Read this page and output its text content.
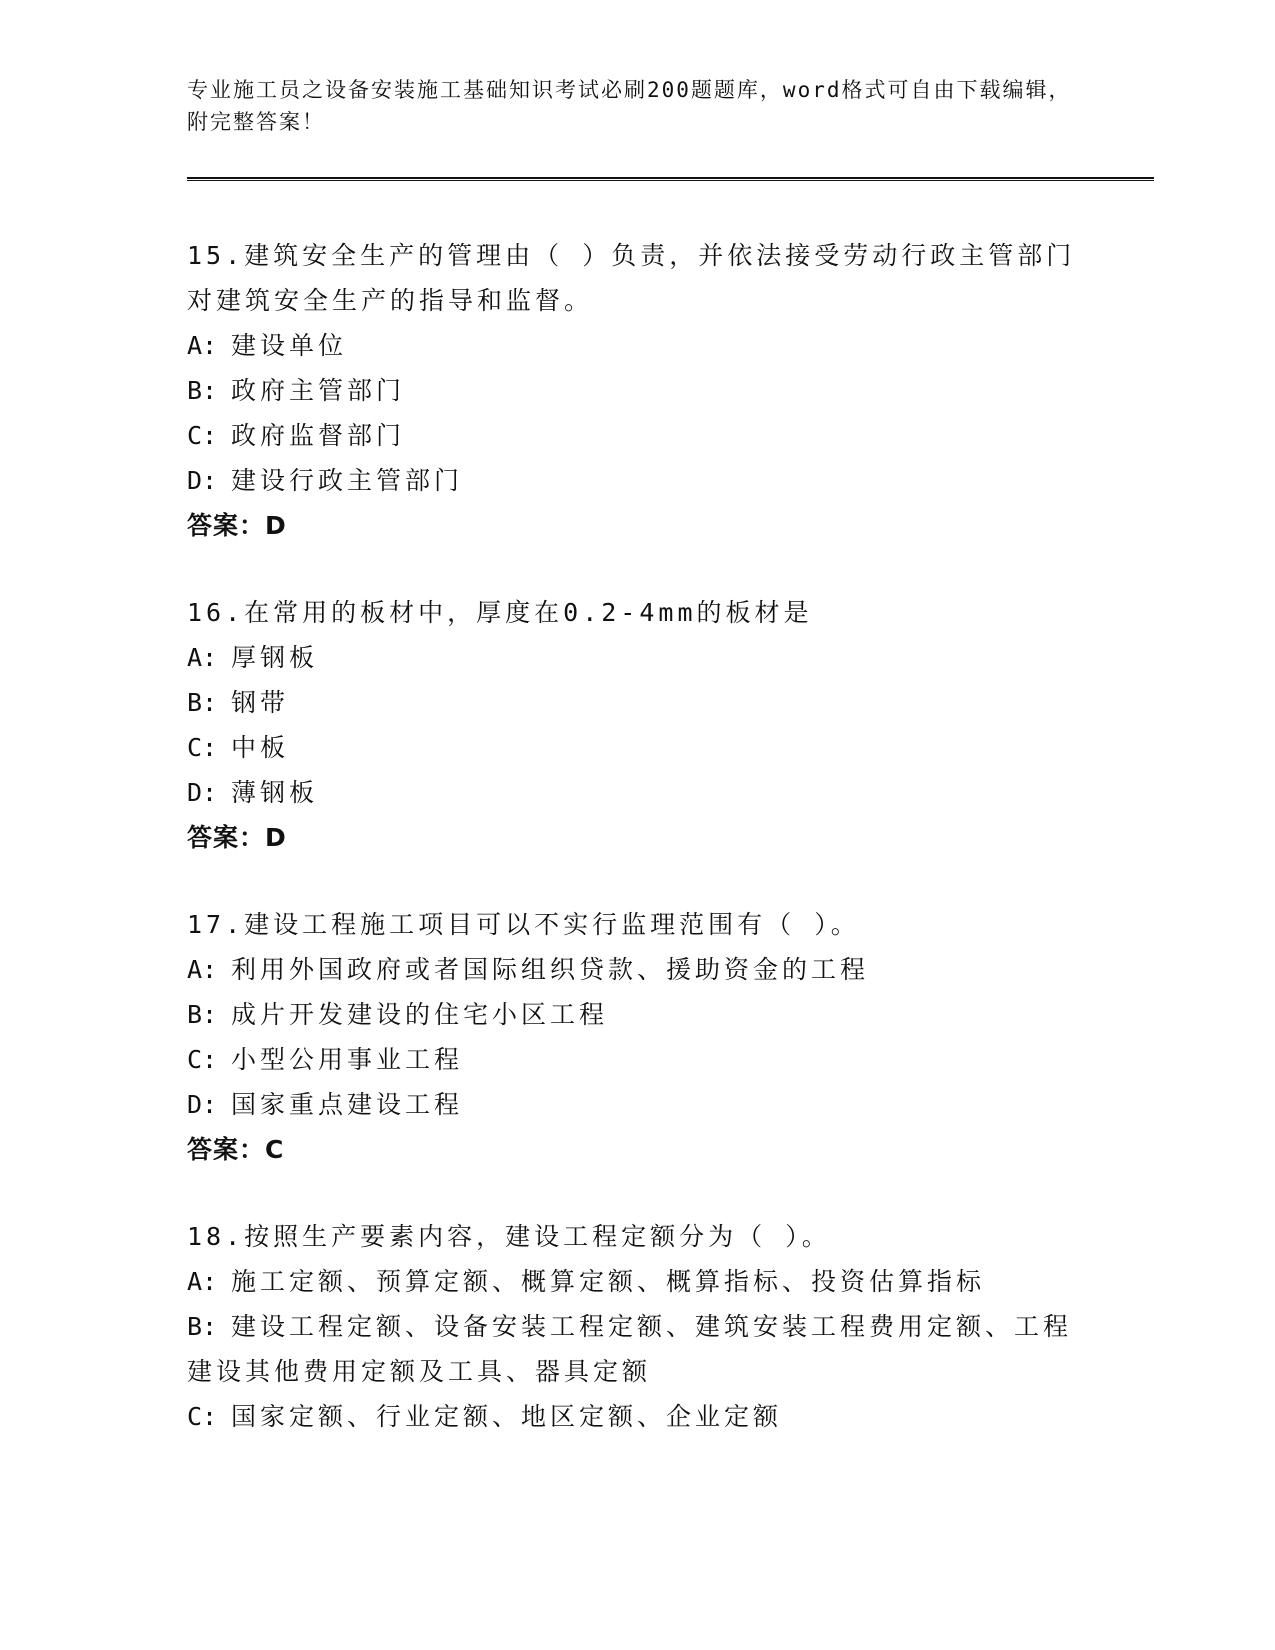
专业施工员之设备安装施工基础知识考试必刷200题题库，word格式可自由下载编辑，附完整答案！
15.建筑安全生产的管理由（ ）负责，并依法接受劳动行政主管部门对建筑安全生产的指导和监督。
A: 建设单位
B: 政府主管部门
C: 政府监督部门
D: 建设行政主管部门
答案：D
16.在常用的板材中，厚度在0.2-4mm的板材是
A: 厚钢板
B: 钢带
C: 中板
D: 薄钢板
答案：D
17.建设工程施工项目可以不实行监理范围有（ ）。
A: 利用外国政府或者国际组织贷款、援助资金的工程
B: 成片开发建设的住宅小区工程
C: 小型公用事业工程
D: 国家重点建设工程
答案：C
18.按照生产要素内容，建设工程定额分为（ ）。
A: 施工定额、预算定额、概算定额、概算指标、投资估算指标
B: 建设工程定额、设备安装工程定额、建筑安装工程费用定额、工程建设其他费用定额及工具、器具定额
C: 国家定额、行业定额、地区定额、企业定额
